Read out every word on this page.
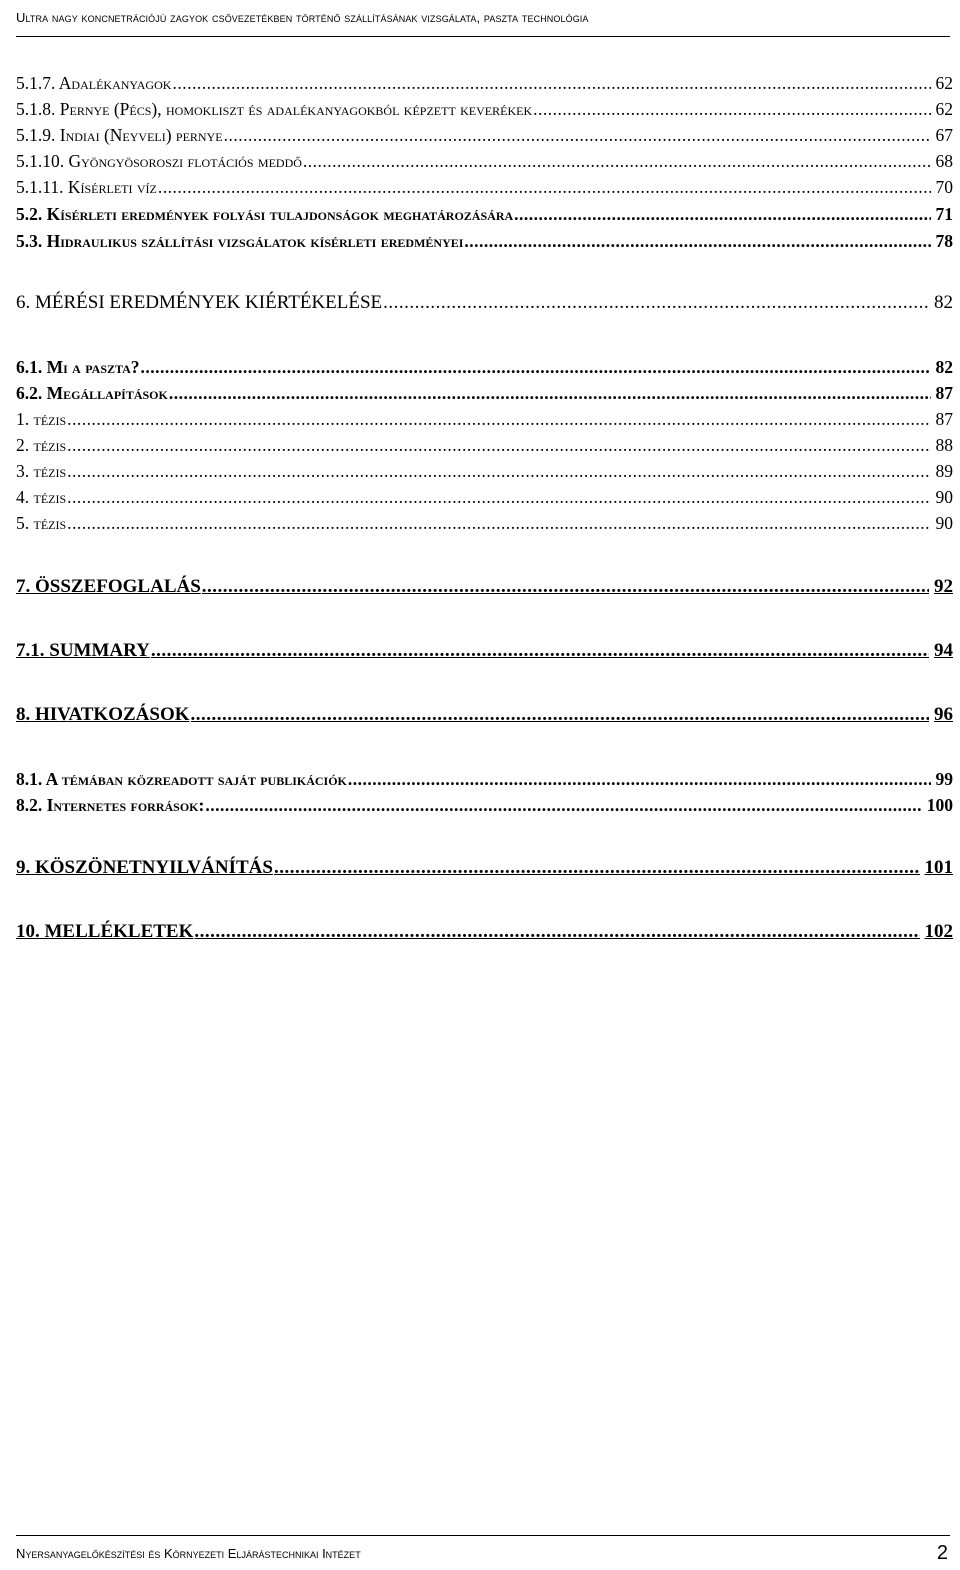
Ultra nagy koncnetrációjú zagyok csővezetékben történő szállításának vizsgálata, paszta technológia
5.1.7. Adalékanyagok .....	62
5.1.8. Pernye (Pécs), homokliszt és adalékanyagokból képzett keverékek .....	62
5.1.9. Indiai (Neyveli) pernye .....	67
5.1.10. Gyöngyösoroszi flotációs meddő .....	68
5.1.11. Kísérleti víz .....	70
5.2. Kísérleti eredmények folyási tulajdonságok meghatározására .....	71
5.3. Hidraulikus szállítási vizsgálatok kísérleti eredményei .....	78
6. MÉRÉSI EREDMÉNYEK KIÉRTÉKELÉSE .....	82
6.1. Mi a paszta? .....	82
6.2. Megállapítások .....	87
1. tézis .....	87
2. tézis .....	88
3. tézis .....	89
4. tézis .....	90
5. tézis .....	90
7. ÖSSZEFOGLALÁS .....	92
7.1. SUMMARY .....	94
8. HIVATKOZÁSOK .....	96
8.1. A témában közreadott saját publikációk .....	99
8.2. Internetes források: .....	100
9. KÖSZÖNETNYILVÁNÍTÁS .....	101
10. MELLÉKLETEK .....	102
Nyersanyagelőkészítési és Környezeti Eljárástechnikai Intézet	2
